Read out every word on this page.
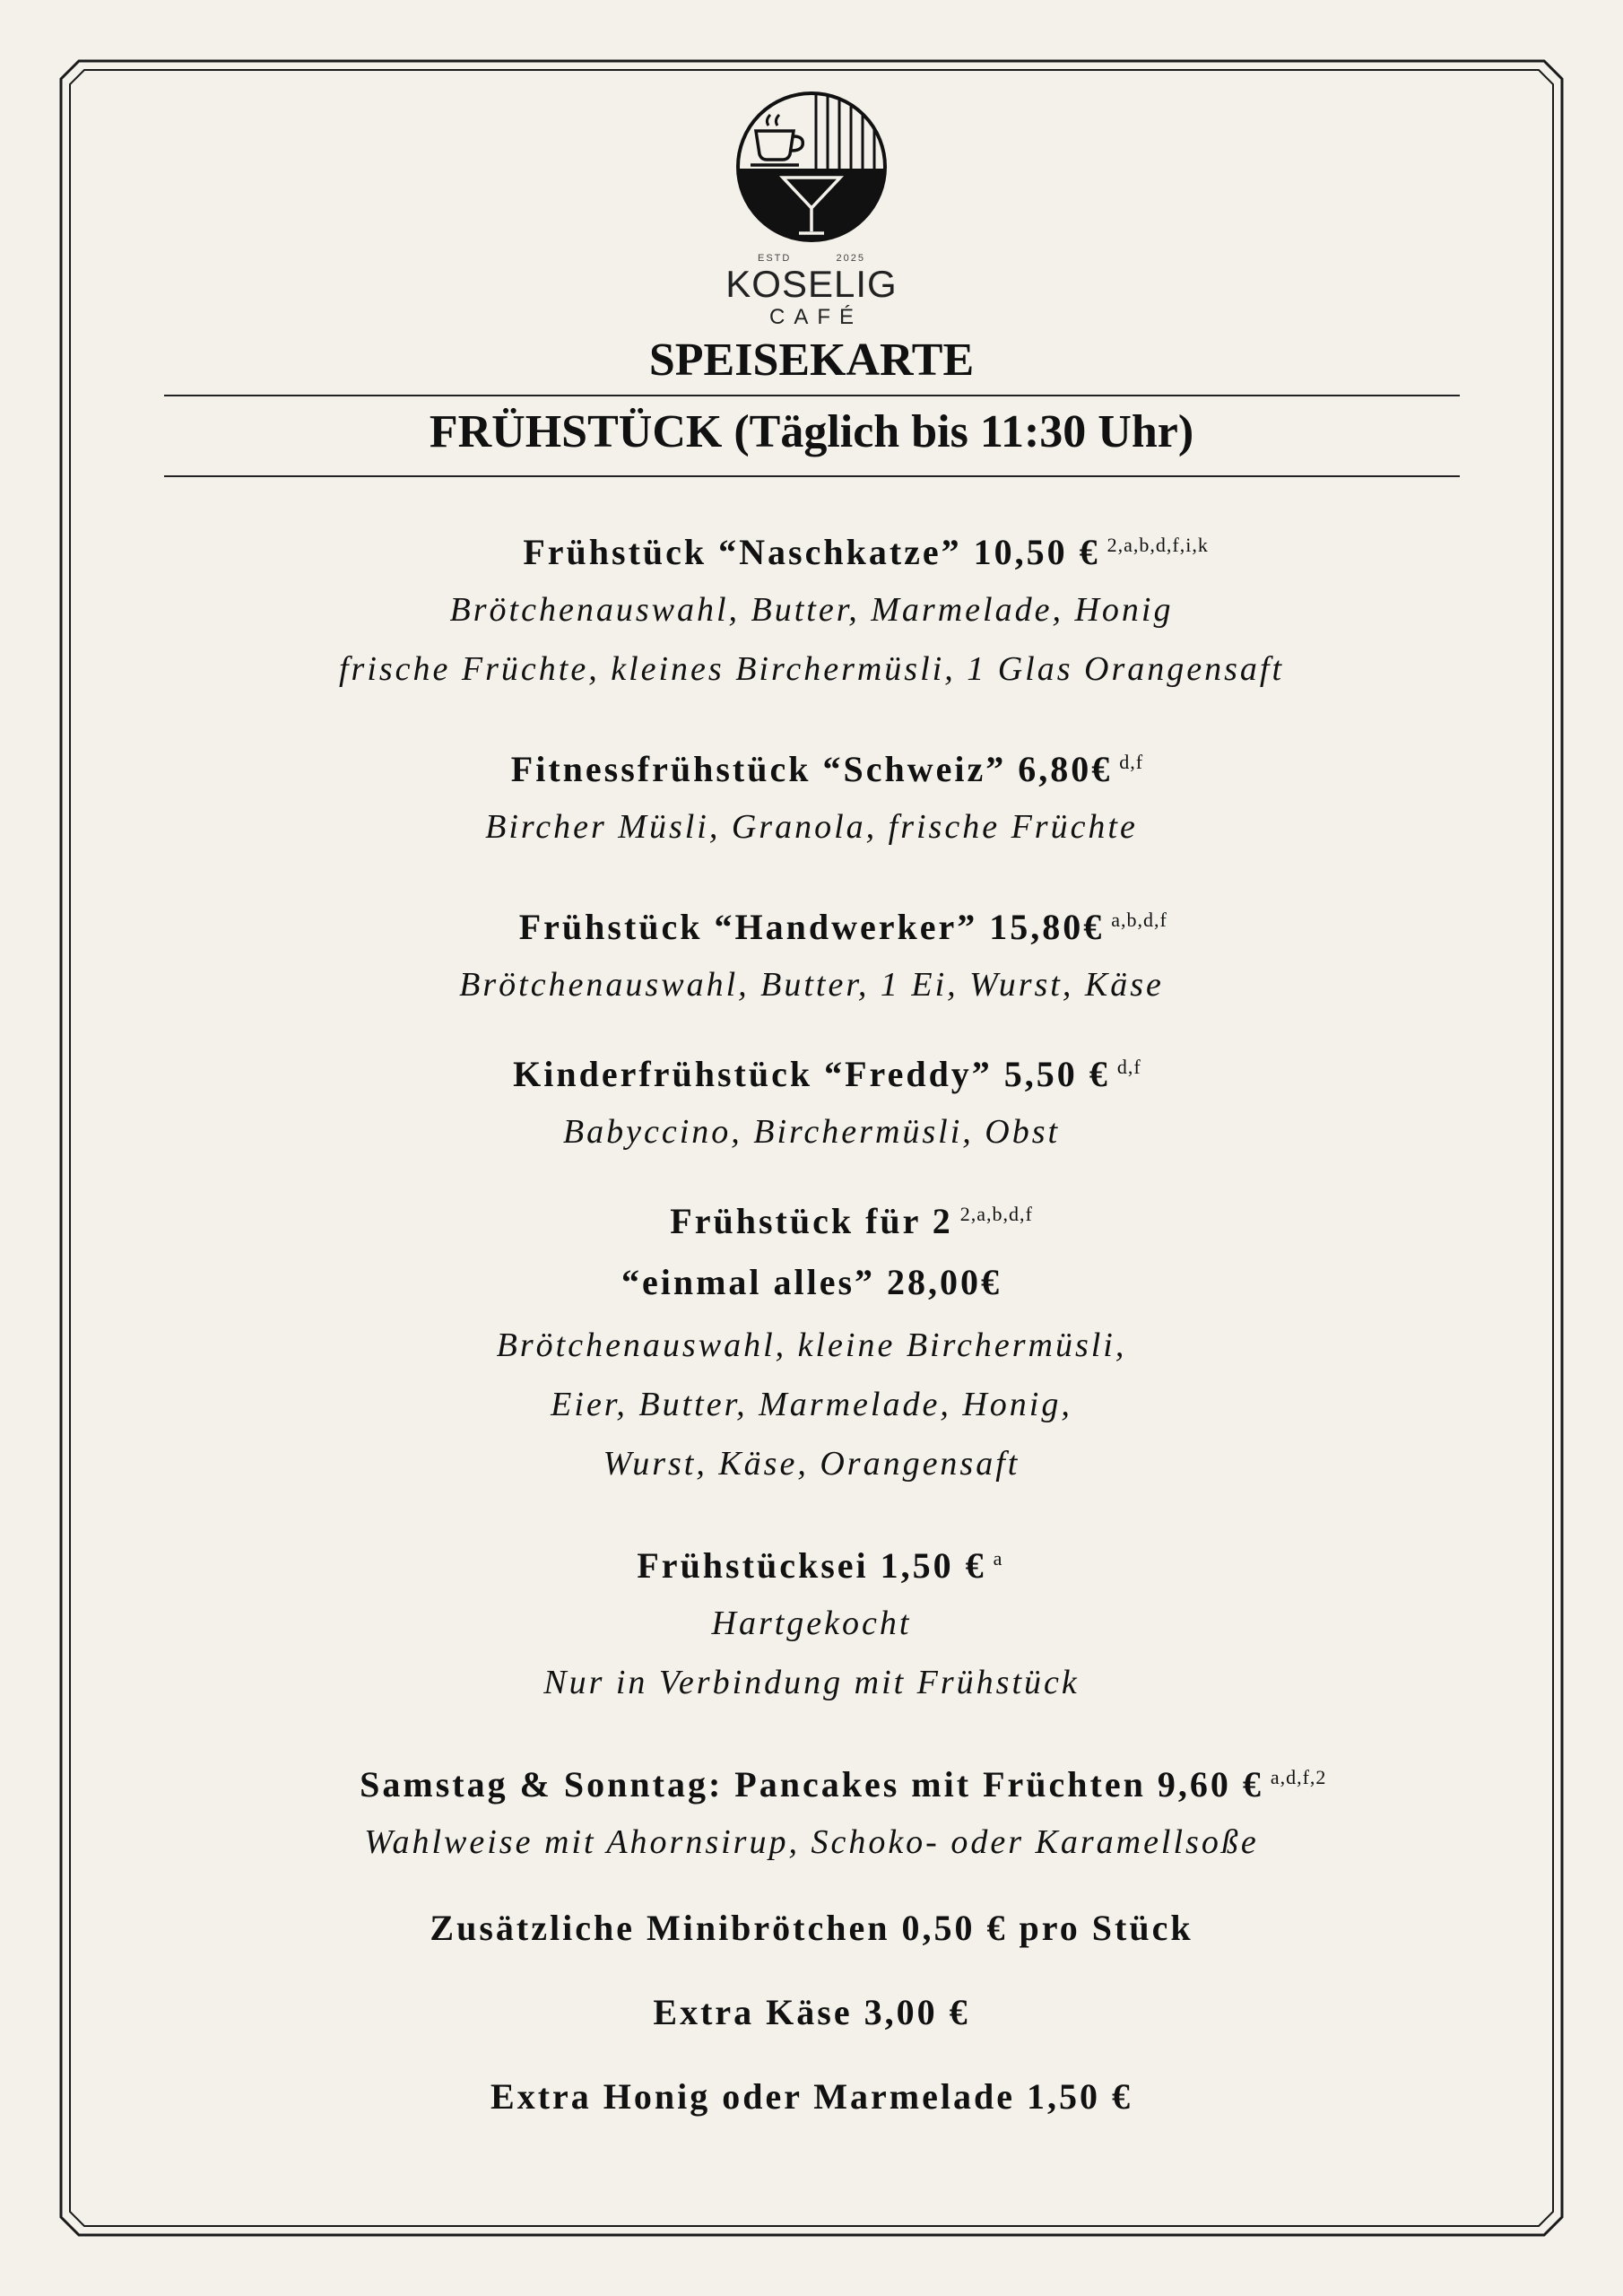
ESTD	2025
KOSELIG
CAFÉ
SPEISEKARTE
FRÜHSTÜCK (Täglich bis 11:30 Uhr)
Frühstück “Naschkatze” 10,50 € 2,a,b,d,f,i,k
Brötchenauswahl, Butter, Marmelade, Honig
frische Früchte, kleines Birchermüsli, 1 Glas Orangensaft
Fitnessfrühstück “Schweiz” 6,80€ d,f
Bircher Müsli, Granola, frische Früchte
Frühstück “Handwerker” 15,80€ a,b,d,f
Brötchenauswahl, Butter, 1 Ei, Wurst, Käse
Kinderfrühstück “Freddy” 5,50 € d,f
Babyccino, Birchermüsli, Obst
Frühstück für 2 2,a,b,d,f

“einmal alles” 28,00€
Brötchenauswahl, kleine Birchermüsli,
Eier, Butter, Marmelade, Honig,
Wurst, Käse, Orangensaft
Frühstücksei 1,50 € a
Hartgekocht
Nur in Verbindung mit Frühstück
Samstag & Sonntag: Pancakes mit Früchten 9,60 € a,d,f,2
Wahlweise mit Ahornsirup, Schoko- oder Karamellsoße
Zusätzliche Minibrötchen 0,50 € pro Stück
Extra Käse 3,00 €
Extra Honig oder Marmelade 1,50 €
